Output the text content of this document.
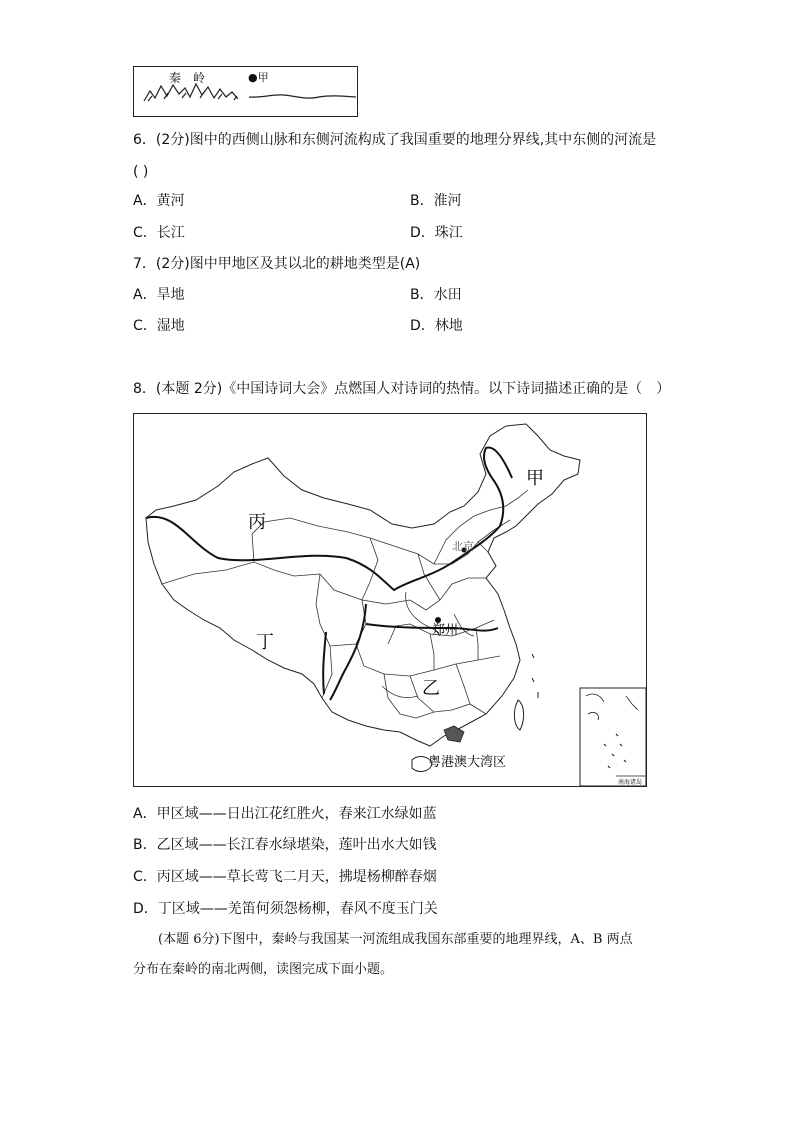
秦　岭	●甲
6．(2分)图中的西侧山脉和东侧河流构成了我国重要的地理分界线,其中东侧的河流是
( )
A．黄河	B．淮河
C．长江	D．珠江
7．(2分)图中甲地区及其以北的耕地类型是(A)
A．旱地	B．水田
C．湿地	D．林地
8．(本题 2分)《中国诗词大会》点燃国人对诗词的热情。以下诗词描述正确的是（　）
南海诸岛
甲
丙
丁
乙
北京
郑州
粤港澳大湾区
A．甲区域——日出江花红胜火，春来江水绿如蓝
B．乙区域——长江春水绿堪染，莲叶出水大如钱
C．丙区域——草长莺飞二月天，拂堤杨柳醉春烟
D．丁区域——羌笛何须怨杨柳，春风不度玉门关
(本题 6分)下图中，秦岭与我国某一河流组成我国东部重要的地理界线，A、B 两点
分布在秦岭的南北两侧，读图完成下面小题。
